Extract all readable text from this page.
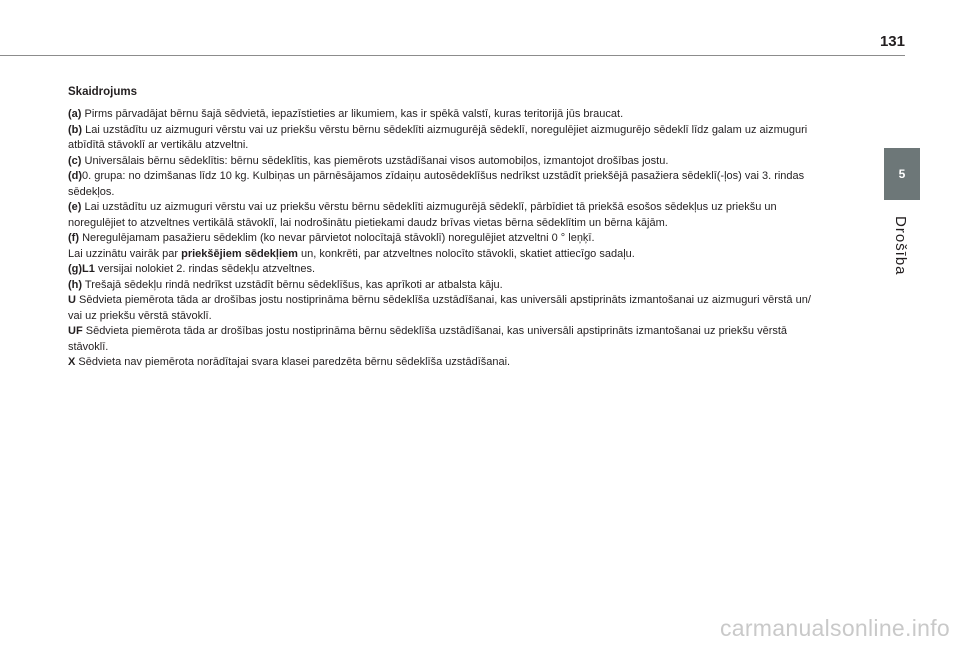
131
5
Drošība
Skaidrojums
(a) Pirms pārvadājat bērnu šajā sēdvietā, iepazīstieties ar likumiem, kas ir spēkā valstī, kuras teritorijā jūs braucat.
(b) Lai uzstādītu uz aizmuguri vērstu vai uz priekšu vērstu bērnu sēdeklīti aizmugurējā sēdeklī, noregulējiet aizmugurējo sēdeklī līdz galam uz aizmuguri
atbīdītā stāvoklī ar vertikālu atzveltni.
(c) Universālais bērnu sēdeklītis: bērnu sēdeklītis, kas piemērots uzstādīšanai visos automobiļos, izmantojot drošības jostu.
(d)0. grupa: no dzimšanas līdz 10 kg. Kulbiņas un pārnēsājamos zīdaiņu autosēdeklīšus nedrīkst uzstādīt priekšējā pasažiera sēdeklī(-ļos) vai 3. rindas
sēdekļos.
(e) Lai uzstādītu uz aizmuguri vērstu vai uz priekšu vērstu bērnu sēdeklīti aizmugurējā sēdeklī, pārbīdiet tā priekšā esošos sēdekļus uz priekšu un
noregulējiet to atzveltnes vertikālā stāvoklī, lai nodrošinātu pietiekami daudz brīvas vietas bērna sēdeklītim un bērna kājām.
(f) Neregulējamam pasažieru sēdeklim (ko nevar pārvietot nolocītajā stāvoklī) noregulējiet atzveltni 0 ° leņķī.
Lai uzzinātu vairāk par priekšējiem sēdekļiem un, konkrēti, par atzveltnes nolocīto stāvokli, skatiet attiecīgo sadaļu.
(g)L1 versijai nolokiet 2. rindas sēdekļu atzveltnes.
(h) Trešajā sēdekļu rindā nedrīkst uzstādīt bērnu sēdeklīšus, kas aprīkoti ar atbalsta kāju.
U Sēdvieta piemērota tāda ar drošības jostu nostiprināma bērnu sēdeklīša uzstādīšanai, kas universāli apstiprināts izmantošanai uz aizmuguri vērstā un/
vai uz priekšu vērstā stāvoklī.
UF Sēdvieta piemērota tāda ar drošības jostu nostiprināma bērnu sēdeklīša uzstādīšanai, kas universāli apstiprināts izmantošanai uz priekšu vērstā
stāvoklī.
X Sēdvieta nav piemērota norādītajai svara klasei paredzēta bērnu sēdeklīša uzstādīšanai.
carmanualsonline.info
